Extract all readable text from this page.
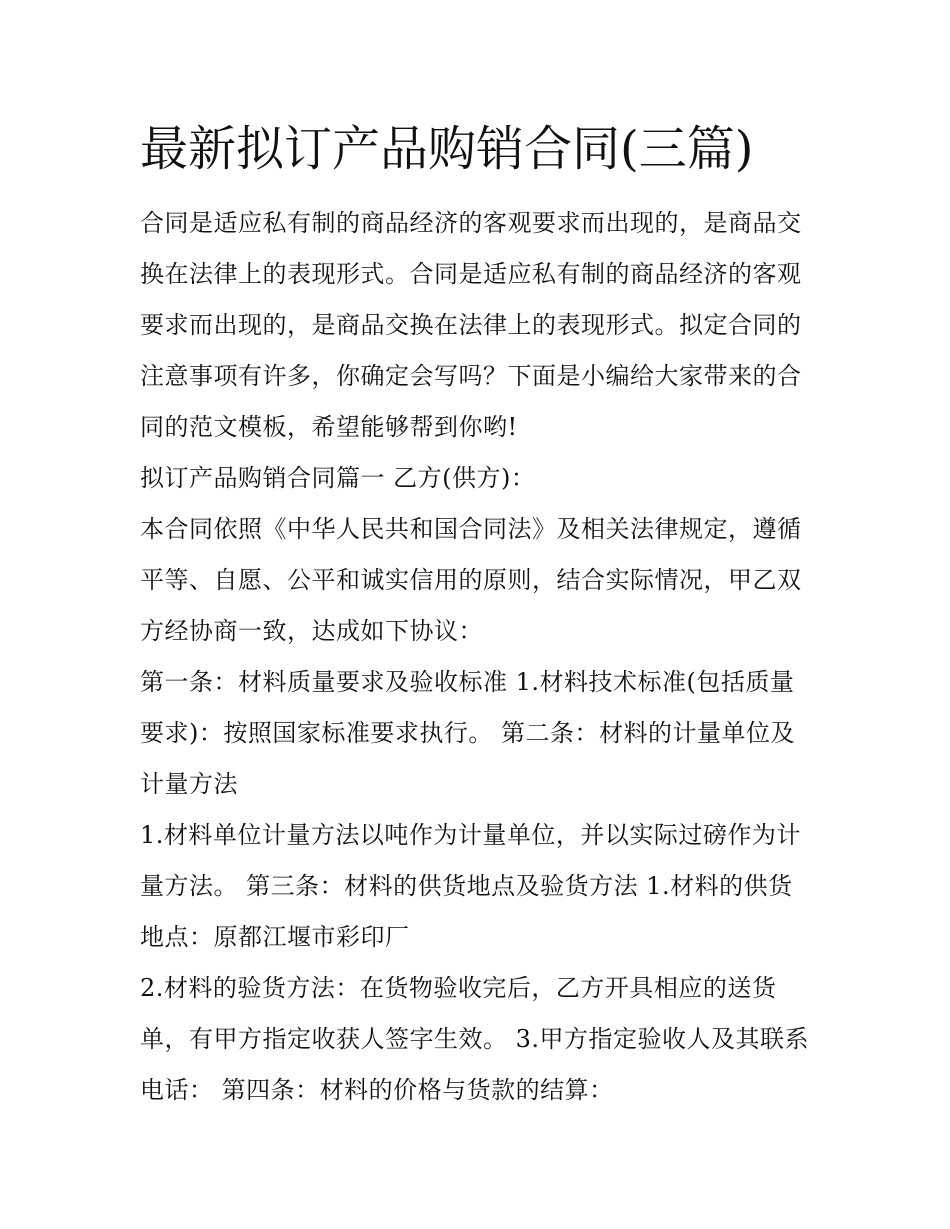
最新拟订产品购销合同(三篇)
合同是适应私有制的商品经济的客观要求而出现的，是商品交
换在法律上的表现形式。合同是适应私有制的商品经济的客观
要求而出现的，是商品交换在法律上的表现形式。拟定合同的
注意事项有许多，你确定会写吗？下面是小编给大家带来的合
同的范文模板，希望能够帮到你哟!
拟订产品购销合同篇一 乙方(供方)：
本合同依照《中华人民共和国合同法》及相关法律规定，遵循
平等、自愿、公平和诚实信用的原则，结合实际情况，甲乙双
方经协商一致，达成如下协议：
第一条：材料质量要求及验收标准 1.材料技术标准(包括质量
要求)：按照国家标准要求执行。 第二条：材料的计量单位及
计量方法
1.材料单位计量方法以吨作为计量单位，并以实际过磅作为计
量方法。 第三条：材料的供货地点及验货方法 1.材料的供货
地点：原都江堰市彩印厂
2.材料的验货方法：在货物验收完后，乙方开具相应的送货
单，有甲方指定收获人签字生效。 3.甲方指定验收人及其联系
电话： 第四条：材料的价格与货款的结算：
